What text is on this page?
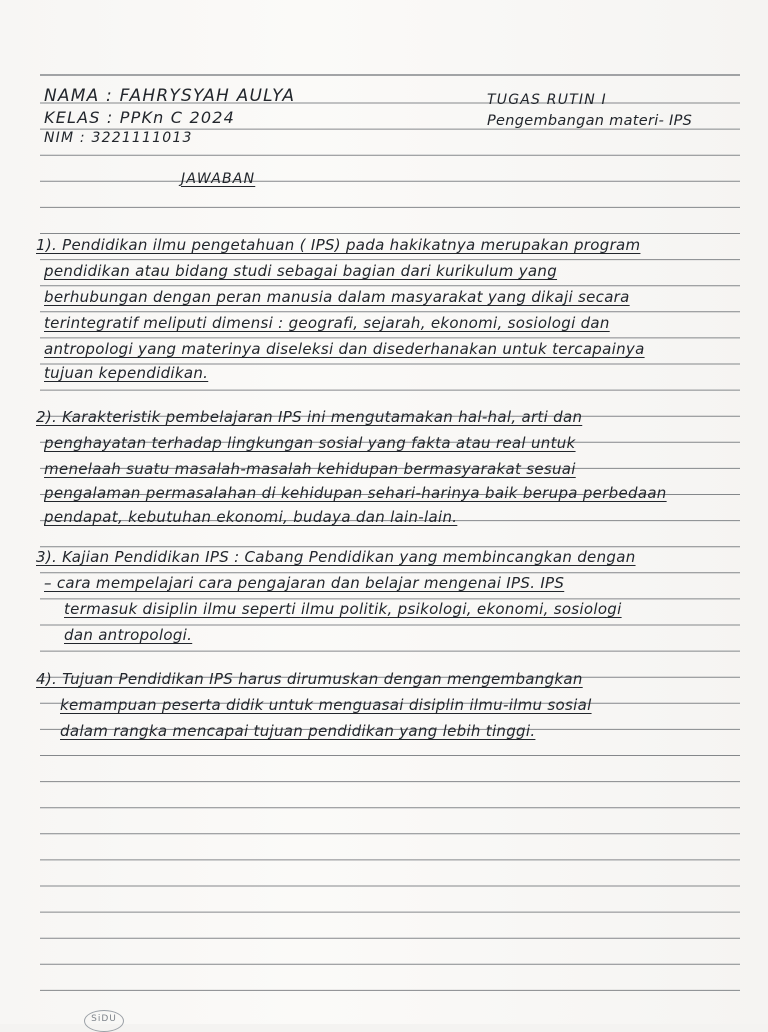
NAMA : FAHRYSYAH AULYA
KELAS : PPKn C 2024
NIM : 3221111013
TUGAS RUTIN I
Pengembangan materi- IPS
JAWABAN
1). Pendidikan ilmu pengetahuan ( IPS) pada hakikatnya merupakan program
pendidikan atau bidang studi sebagai bagian dari kurikulum yang
berhubungan dengan peran manusia dalam masyarakat yang dikaji secara
terintegratif meliputi dimensi : geografi, sejarah, ekonomi, sosiologi dan
antropologi yang materinya diseleksi dan disederhanakan untuk tercapainya
tujuan kependidikan.
2). Karakteristik pembelajaran IPS ini mengutamakan hal-hal, arti dan
penghayatan terhadap lingkungan sosial yang fakta atau real untuk
menelaah suatu masalah-masalah kehidupan bermasyarakat sesuai
pengalaman permasalahan di kehidupan sehari-harinya baik berupa perbedaan
pendapat, kebutuhan ekonomi, budaya dan lain-lain.
3). Kajian Pendidikan IPS : Cabang Pendidikan yang membincangkan dengan
– cara mempelajari cara pengajaran dan belajar mengenai IPS. IPS
termasuk disiplin ilmu seperti ilmu politik, psikologi, ekonomi, sosiologi
dan antropologi.
4). Tujuan Pendidikan IPS harus dirumuskan dengan mengembangkan
kemampuan peserta didik untuk menguasai disiplin ilmu-ilmu sosial
dalam rangka mencapai tujuan pendidikan yang lebih tinggi.
SiDU
